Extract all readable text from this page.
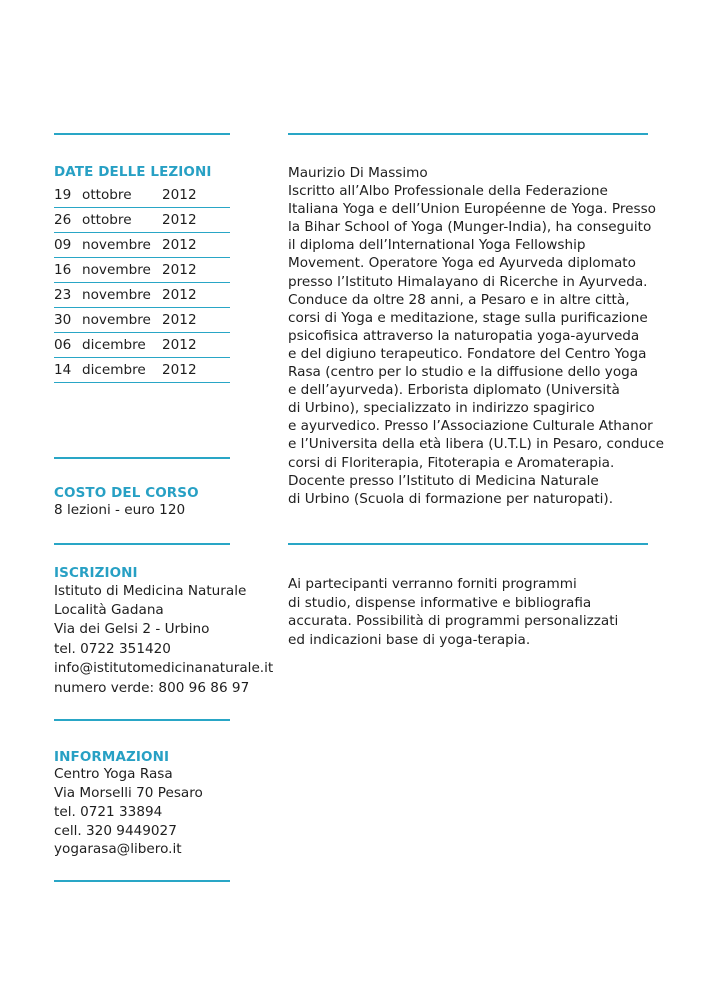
DATE DELLE LEZIONI
19 ottobre 2012
26 ottobre 2012
09 novembre 2012
16 novembre 2012
23 novembre 2012
30 novembre 2012
06 dicembre 2012
14 dicembre 2012
COSTO DEL CORSO
8 lezioni - euro 120
ISCRIZIONI
Istituto di Medicina Naturale
Località Gadana
Via dei Gelsi 2 - Urbino
tel. 0722 351420
info@istitutomedicinanaturale.it
numero verde: 800 96 86 97
INFORMAZIONI
Centro Yoga Rasa
Via Morselli 70 Pesaro
tel. 0721 33894
cell. 320 9449027
yogarasa@libero.it
Maurizio Di Massimo
Iscritto all’Albo Professionale della Federazione
Italiana Yoga e dell’Union Européenne de Yoga. Presso
la Bihar School of Yoga (Munger-India), ha conseguito
il diploma dell’International Yoga Fellowship
Movement. Operatore Yoga ed Ayurveda diplomato
presso l’Istituto Himalayano di Ricerche in Ayurveda.
Conduce da oltre 28 anni, a Pesaro e in altre città,
corsi di Yoga e meditazione, stage sulla purificazione
psicofisica attraverso la naturopatia yoga-ayurveda
e del digiuno terapeutico. Fondatore del Centro Yoga
Rasa (centro per lo studio e la diffusione dello yoga
e dell’ayurveda). Erborista diplomato (Università
di Urbino), specializzato in indirizzo spagirico
e ayurvedico. Presso l’Associazione Culturale Athanor
e l’Universita della età libera (U.T.L) in Pesaro, conduce
corsi di Floriterapia, Fitoterapia e Aromaterapia.
Docente presso l’Istituto di Medicina Naturale
di Urbino (Scuola di formazione per naturopati).
Ai partecipanti verranno forniti programmi
di studio, dispense informative e bibliografia
accurata. Possibilità di programmi personalizzati
ed indicazioni base di yoga-terapia.
